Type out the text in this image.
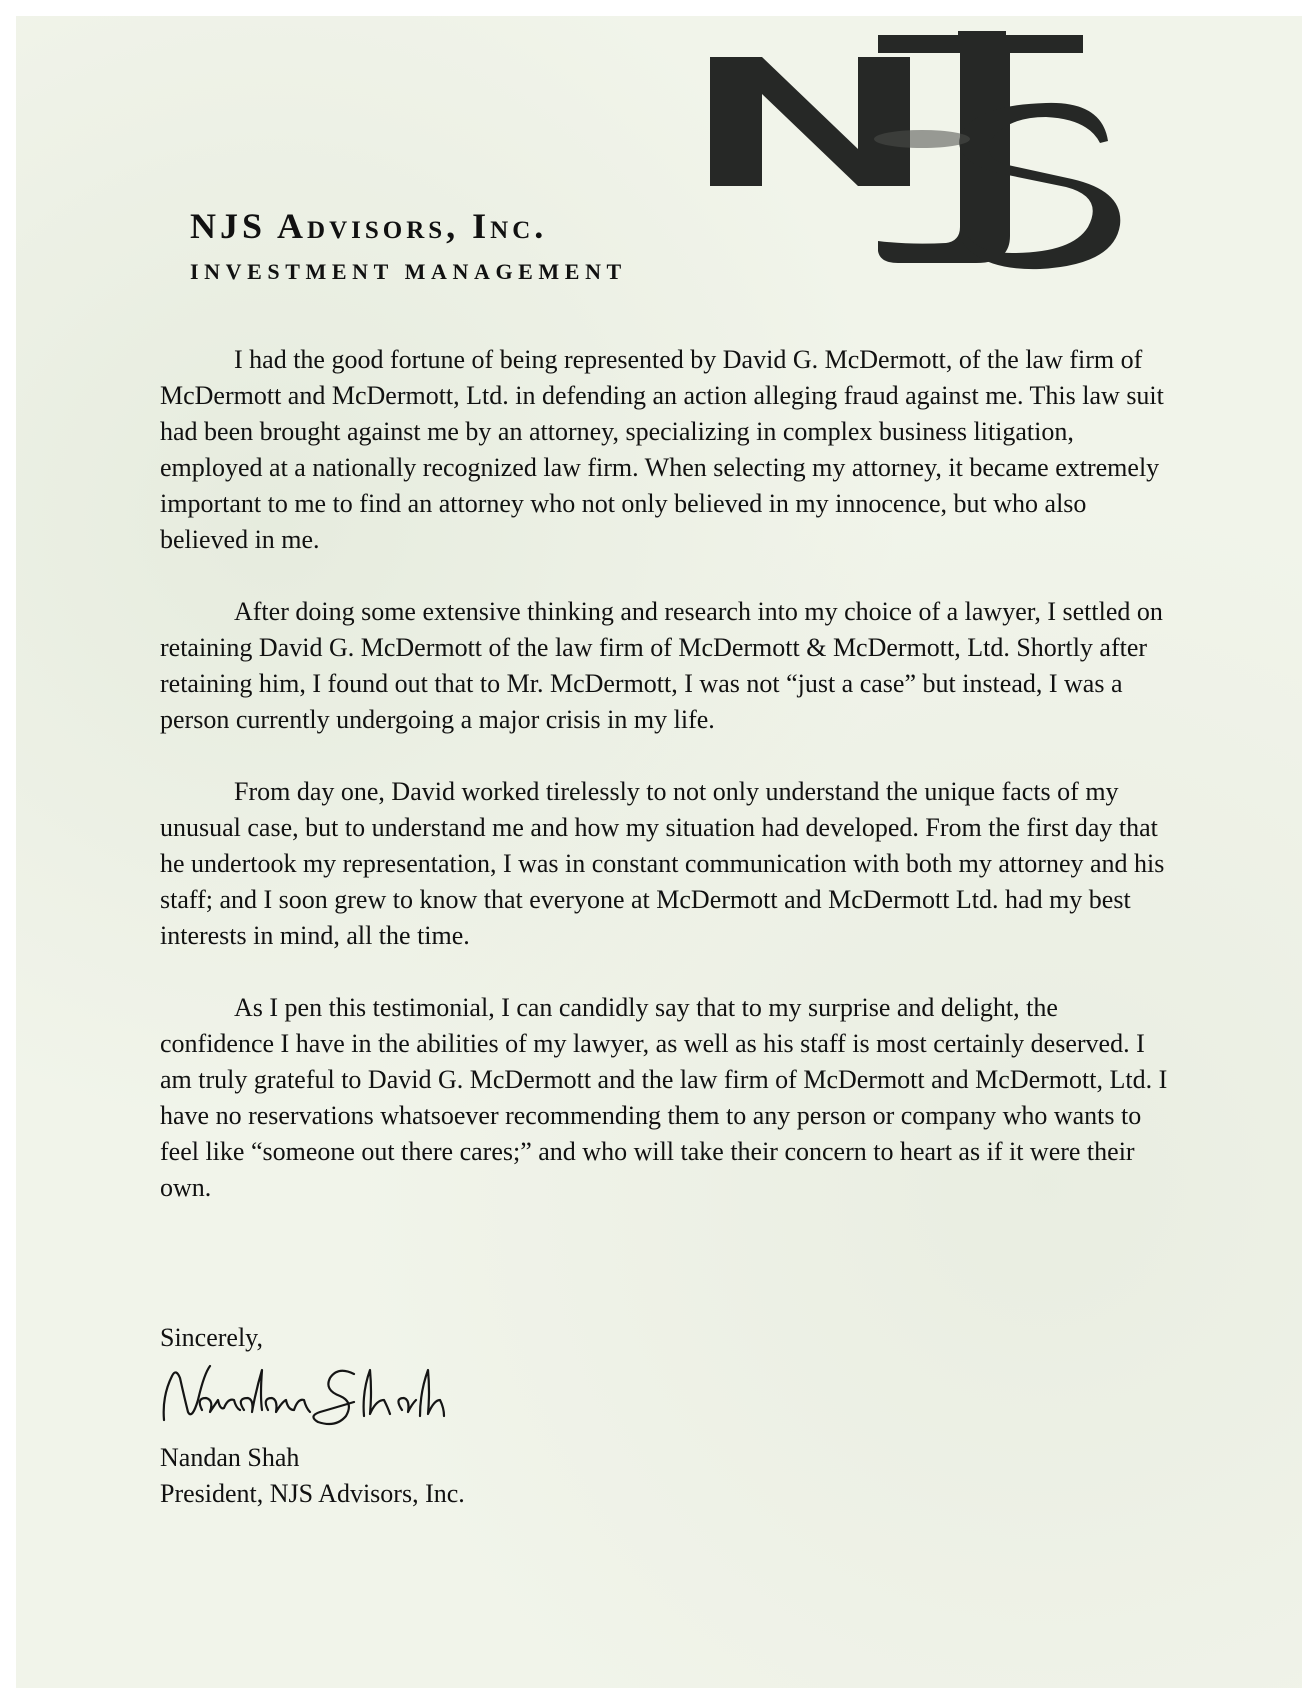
NJS Advisors, Inc.
INVESTMENT MANAGEMENT

I had the good fortune of being represented by David G. McDermott, of the law firm of McDermott and McDermott, Ltd. in defending an action alleging fraud against me. This law suit had been brought against me by an attorney, specializing in complex business litigation, employed at a nationally recognized law firm. When selecting my attorney, it became extremely important to me to find an attorney who not only believed in my innocence, but who also believed in me.

After doing some extensive thinking and research into my choice of a lawyer, I settled on retaining David G. McDermott of the law firm of McDermott & McDermott, Ltd. Shortly after retaining him, I found out that to Mr. McDermott, I was not “just a case” but instead, I was a person currently undergoing a major crisis in my life.

From day one, David worked tirelessly to not only understand the unique facts of my unusual case, but to understand me and how my situation had developed. From the first day that he undertook my representation, I was in constant communication with both my attorney and his staff; and I soon grew to know that everyone at McDermott and McDermott Ltd. had my best interests in mind, all the time.

As I pen this testimonial, I can candidly say that to my surprise and delight, the confidence I have in the abilities of my lawyer, as well as his staff is most certainly deserved. I am truly grateful to David G. McDermott and the law firm of McDermott and McDermott, Ltd. I have no reservations whatsoever recommending them to any person or company who wants to feel like “someone out there cares;” and who will take their concern to heart as if it were their own.

Sincerely,
Nandan Shah
President, NJS Advisors, Inc.
